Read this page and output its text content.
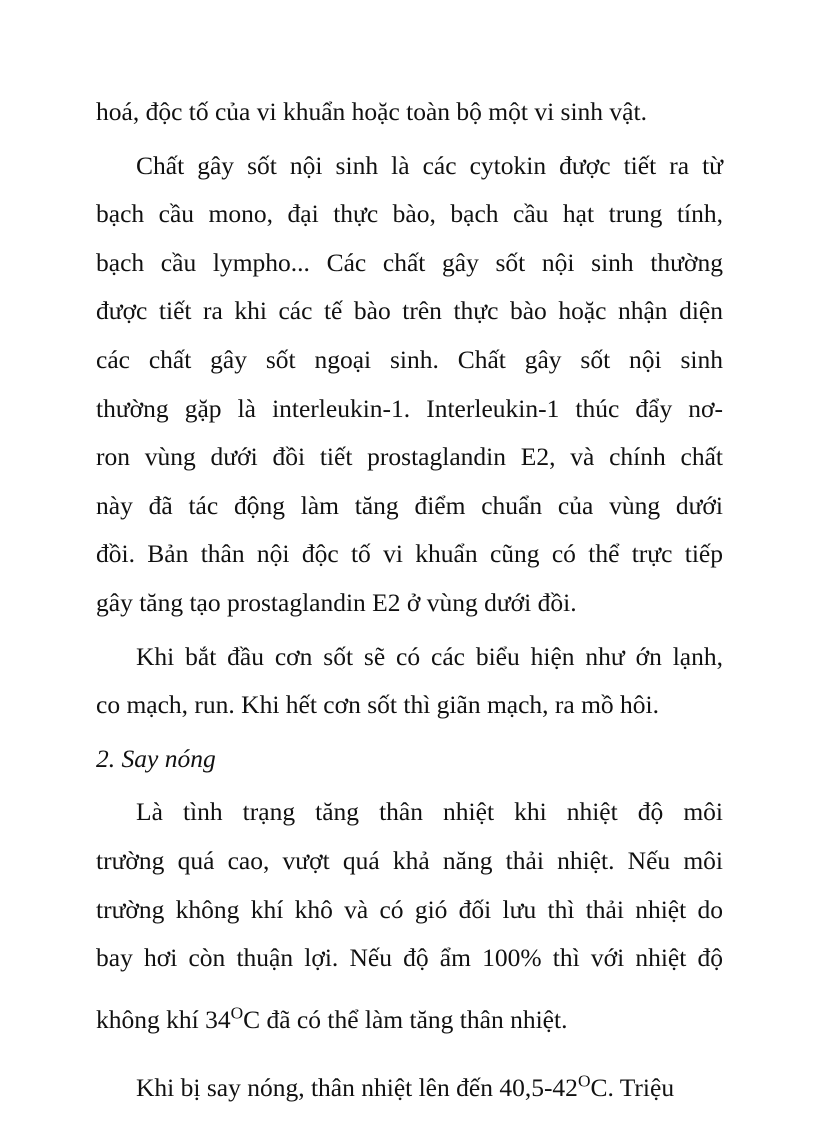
hoá, độc tố của vi khuẩn hoặc toàn bộ một vi sinh vật.
Chất gây sốt nội sinh là các cytokin được tiết ra từ
bạch cầu mono, đại thực bào, bạch cầu hạt trung tính,
bạch cầu lympho... Các chất gây sốt nội sinh thường
được tiết ra khi các tế bào trên thực bào hoặc nhận diện
các chất gây sốt ngoại sinh. Chất gây sốt nội sinh
thường gặp là interleukin-1. Interleukin-1 thúc đẩy nơ-
ron vùng dưới đồi tiết prostaglandin E2, và chính chất
này đã tác động làm tăng điểm chuẩn của vùng dưới
đồi. Bản thân nội độc tố vi khuẩn cũng có thể trực tiếp
gây tăng tạo prostaglandin E2 ở vùng dưới đồi.
Khi bắt đầu cơn sốt sẽ có các biểu hiện như ớn lạnh,
co mạch, run. Khi hết cơn sốt thì giãn mạch, ra mồ hôi.
2. Say nóng
Là tình trạng tăng thân nhiệt khi nhiệt độ môi
trường quá cao, vượt quá khả năng thải nhiệt. Nếu môi
trường không khí khô và có gió đối lưu thì thải nhiệt do
bay hơi còn thuận lợi. Nếu độ ẩm 100% thì với nhiệt độ
không khí $34^OC$ đã có thể làm tăng thân nhiệt.
Khi bị say nóng, thân nhiệt lên đến $40,5-42^OC$. Triệu
